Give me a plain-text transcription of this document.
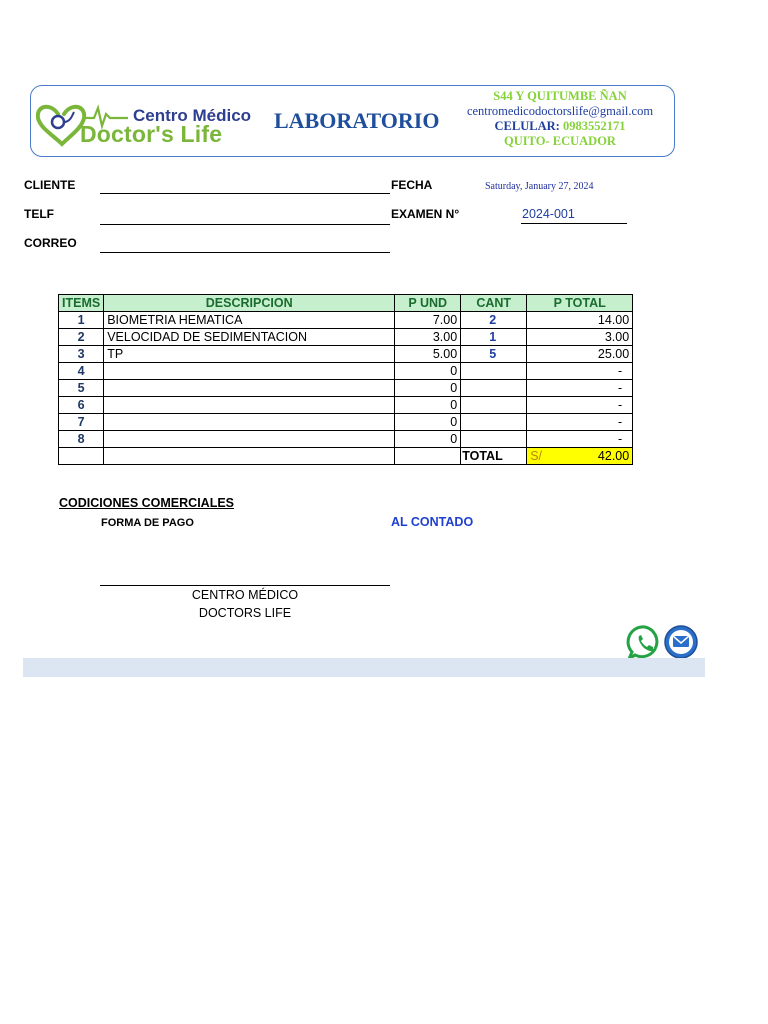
Centro Médico
Doctor's Life
LABORATORIO
S44 Y QUITUMBE ÑAN
centromedicodoctorslife@gmail.com
CELULAR: 0983552171
QUITO- ECUADOR
CLIENTE
TELF
CORREO
FECHA	Saturday, January 27, 2024
EXAMEN N°	2024-001
ITEMS	DESCRIPCION	P UND	CANT	P TOTAL
1	BIOMETRIA HEMATICA	7.00	2	14.00
2	VELOCIDAD DE SEDIMENTACION	3.00	1	3.00
3	TP	5.00	5	25.00
4		0		-
5		0		-
6		0		-
7		0		-
8		0		-
			TOTAL	S/ 42.00
CODICIONES COMERCIALES
FORMA DE PAGO	AL CONTADO
CENTRO MÉDICO
DOCTORS LIFE
